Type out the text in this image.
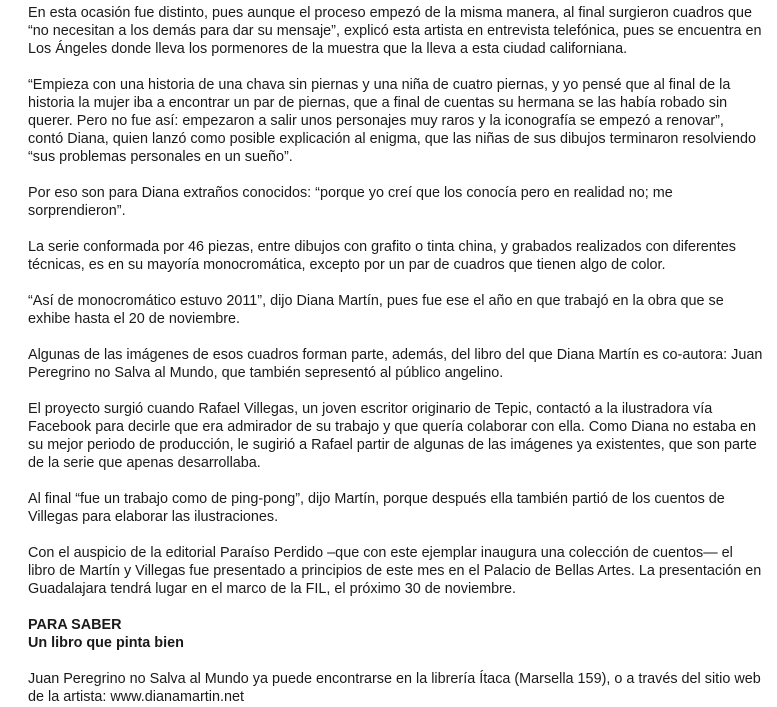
En esta ocasión fue distinto, pues aunque el proceso empezó de la misma manera, al final surgieron cuadros que “no necesitan a los demás para dar su mensaje”, explicó esta artista en entrevista telefónica, pues se encuentra en Los Ángeles donde lleva los pormenores de la muestra que la lleva a esta ciudad californiana.

“Empieza con una historia de una chava sin piernas y una niña de cuatro piernas, y yo pensé que al final de la historia la mujer iba a encontrar un par de piernas, que a final de cuentas su hermana se las había robado sin querer. Pero no fue así: empezaron a salir unos personajes muy raros y la iconografía se empezó a renovar”, contó Diana, quien lanzó como posible explicación al enigma, que las niñas de sus dibujos terminaron resolviendo “sus problemas personales en un sueño”.

Por eso son para Diana extraños conocidos: “porque yo creí que los conocía pero en realidad no; me sorprendieron”.

La serie conformada por 46 piezas, entre dibujos con grafito o tinta china, y grabados realizados con diferentes técnicas, es en su mayoría monocromática, excepto por un par de cuadros que tienen algo de color.

“Así de monocromático estuvo 2011”, dijo Diana Martín, pues fue ese el año en que trabajó en la obra que se exhibe hasta el 20 de noviembre.

Algunas de las imágenes de esos cuadros forman parte, además, del libro del que Diana Martín es co-autora: Juan Peregrino no Salva al Mundo, que también sepresentó al público angelino.

El proyecto surgió cuando Rafael Villegas, un joven escritor originario de Tepic, contactó a la ilustradora vía Facebook para decirle que era admirador de su trabajo y que quería colaborar con ella. Como Diana no estaba en su mejor periodo de producción, le sugirió a Rafael partir de algunas de las imágenes ya existentes, que son parte de la serie que apenas desarrollaba.

Al final “fue un trabajo como de ping-pong”, dijo Martín, porque después ella también partió de los cuentos de Villegas para elaborar las ilustraciones.

Con el auspicio de la editorial Paraíso Perdido –que con este ejemplar inaugura una colección de cuentos— el libro de Martín y Villegas fue presentado a principios de este mes en el Palacio de Bellas Artes. La presentación en Guadalajara tendrá lugar en el marco de la FIL, el próximo 30 de noviembre.

PARA SABER
Un libro que pinta bien

Juan Peregrino no Salva al Mundo ya puede encontrarse en la librería Ítaca (Marsella 159), o a través del sitio web de la artista: www.dianamartin.net
